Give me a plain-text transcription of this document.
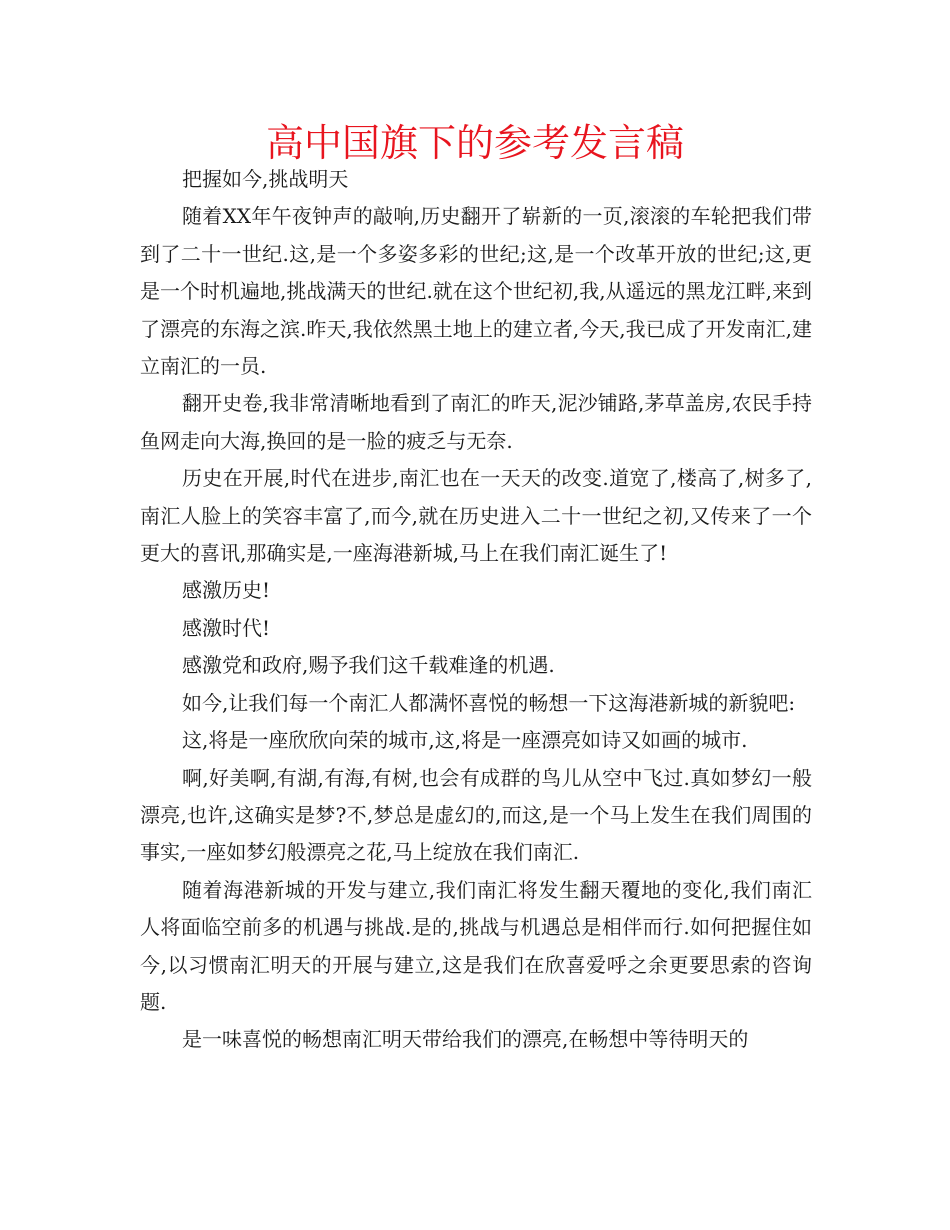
高中国旗下的参考发言稿

把握如今,挑战明天

随着XX年午夜钟声的敲响,历史翻开了崭新的一页,滚滚的车轮把我们带到了二十一世纪.这,是一个多姿多彩的世纪;这,是一个改革开放的世纪;这,更是一个时机遍地,挑战满天的世纪.就在这个世纪初,我,从遥远的黑龙江畔,来到了漂亮的东海之滨.昨天,我依然黑土地上的建立者,今天,我已成了开发南汇,建立南汇的一员.

翻开史卷,我非常清晰地看到了南汇的昨天,泥沙铺路,茅草盖房,农民手持鱼网走向大海,换回的是一脸的疲乏与无奈.

历史在开展,时代在进步,南汇也在一天天的改变.道宽了,楼高了,树多了,南汇人脸上的笑容丰富了,而今,就在历史进入二十一世纪之初,又传来了一个更大的喜讯,那确实是,一座海港新城,马上在我们南汇诞生了!

感激历史!

感激时代!

感激党和政府,赐予我们这千载难逢的机遇.

如今,让我们每一个南汇人都满怀喜悦的畅想一下这海港新城的新貌吧:

这,将是一座欣欣向荣的城市,这,将是一座漂亮如诗又如画的城市.

啊,好美啊,有湖,有海,有树,也会有成群的鸟儿从空中飞过.真如梦幻一般漂亮,也许,这确实是梦?不,梦总是虚幻的,而这,是一个马上发生在我们周围的事实,一座如梦幻般漂亮之花,马上绽放在我们南汇.

随着海港新城的开发与建立,我们南汇将发生翻天覆地的变化,我们南汇人将面临空前多的机遇与挑战.是的,挑战与机遇总是相伴而行.如何把握住如今,以习惯南汇明天的开展与建立,这是我们在欣喜爱呼之余更要思索的咨询题.

是一味喜悦的畅想南汇明天带给我们的漂亮,在畅想中等待明天的
